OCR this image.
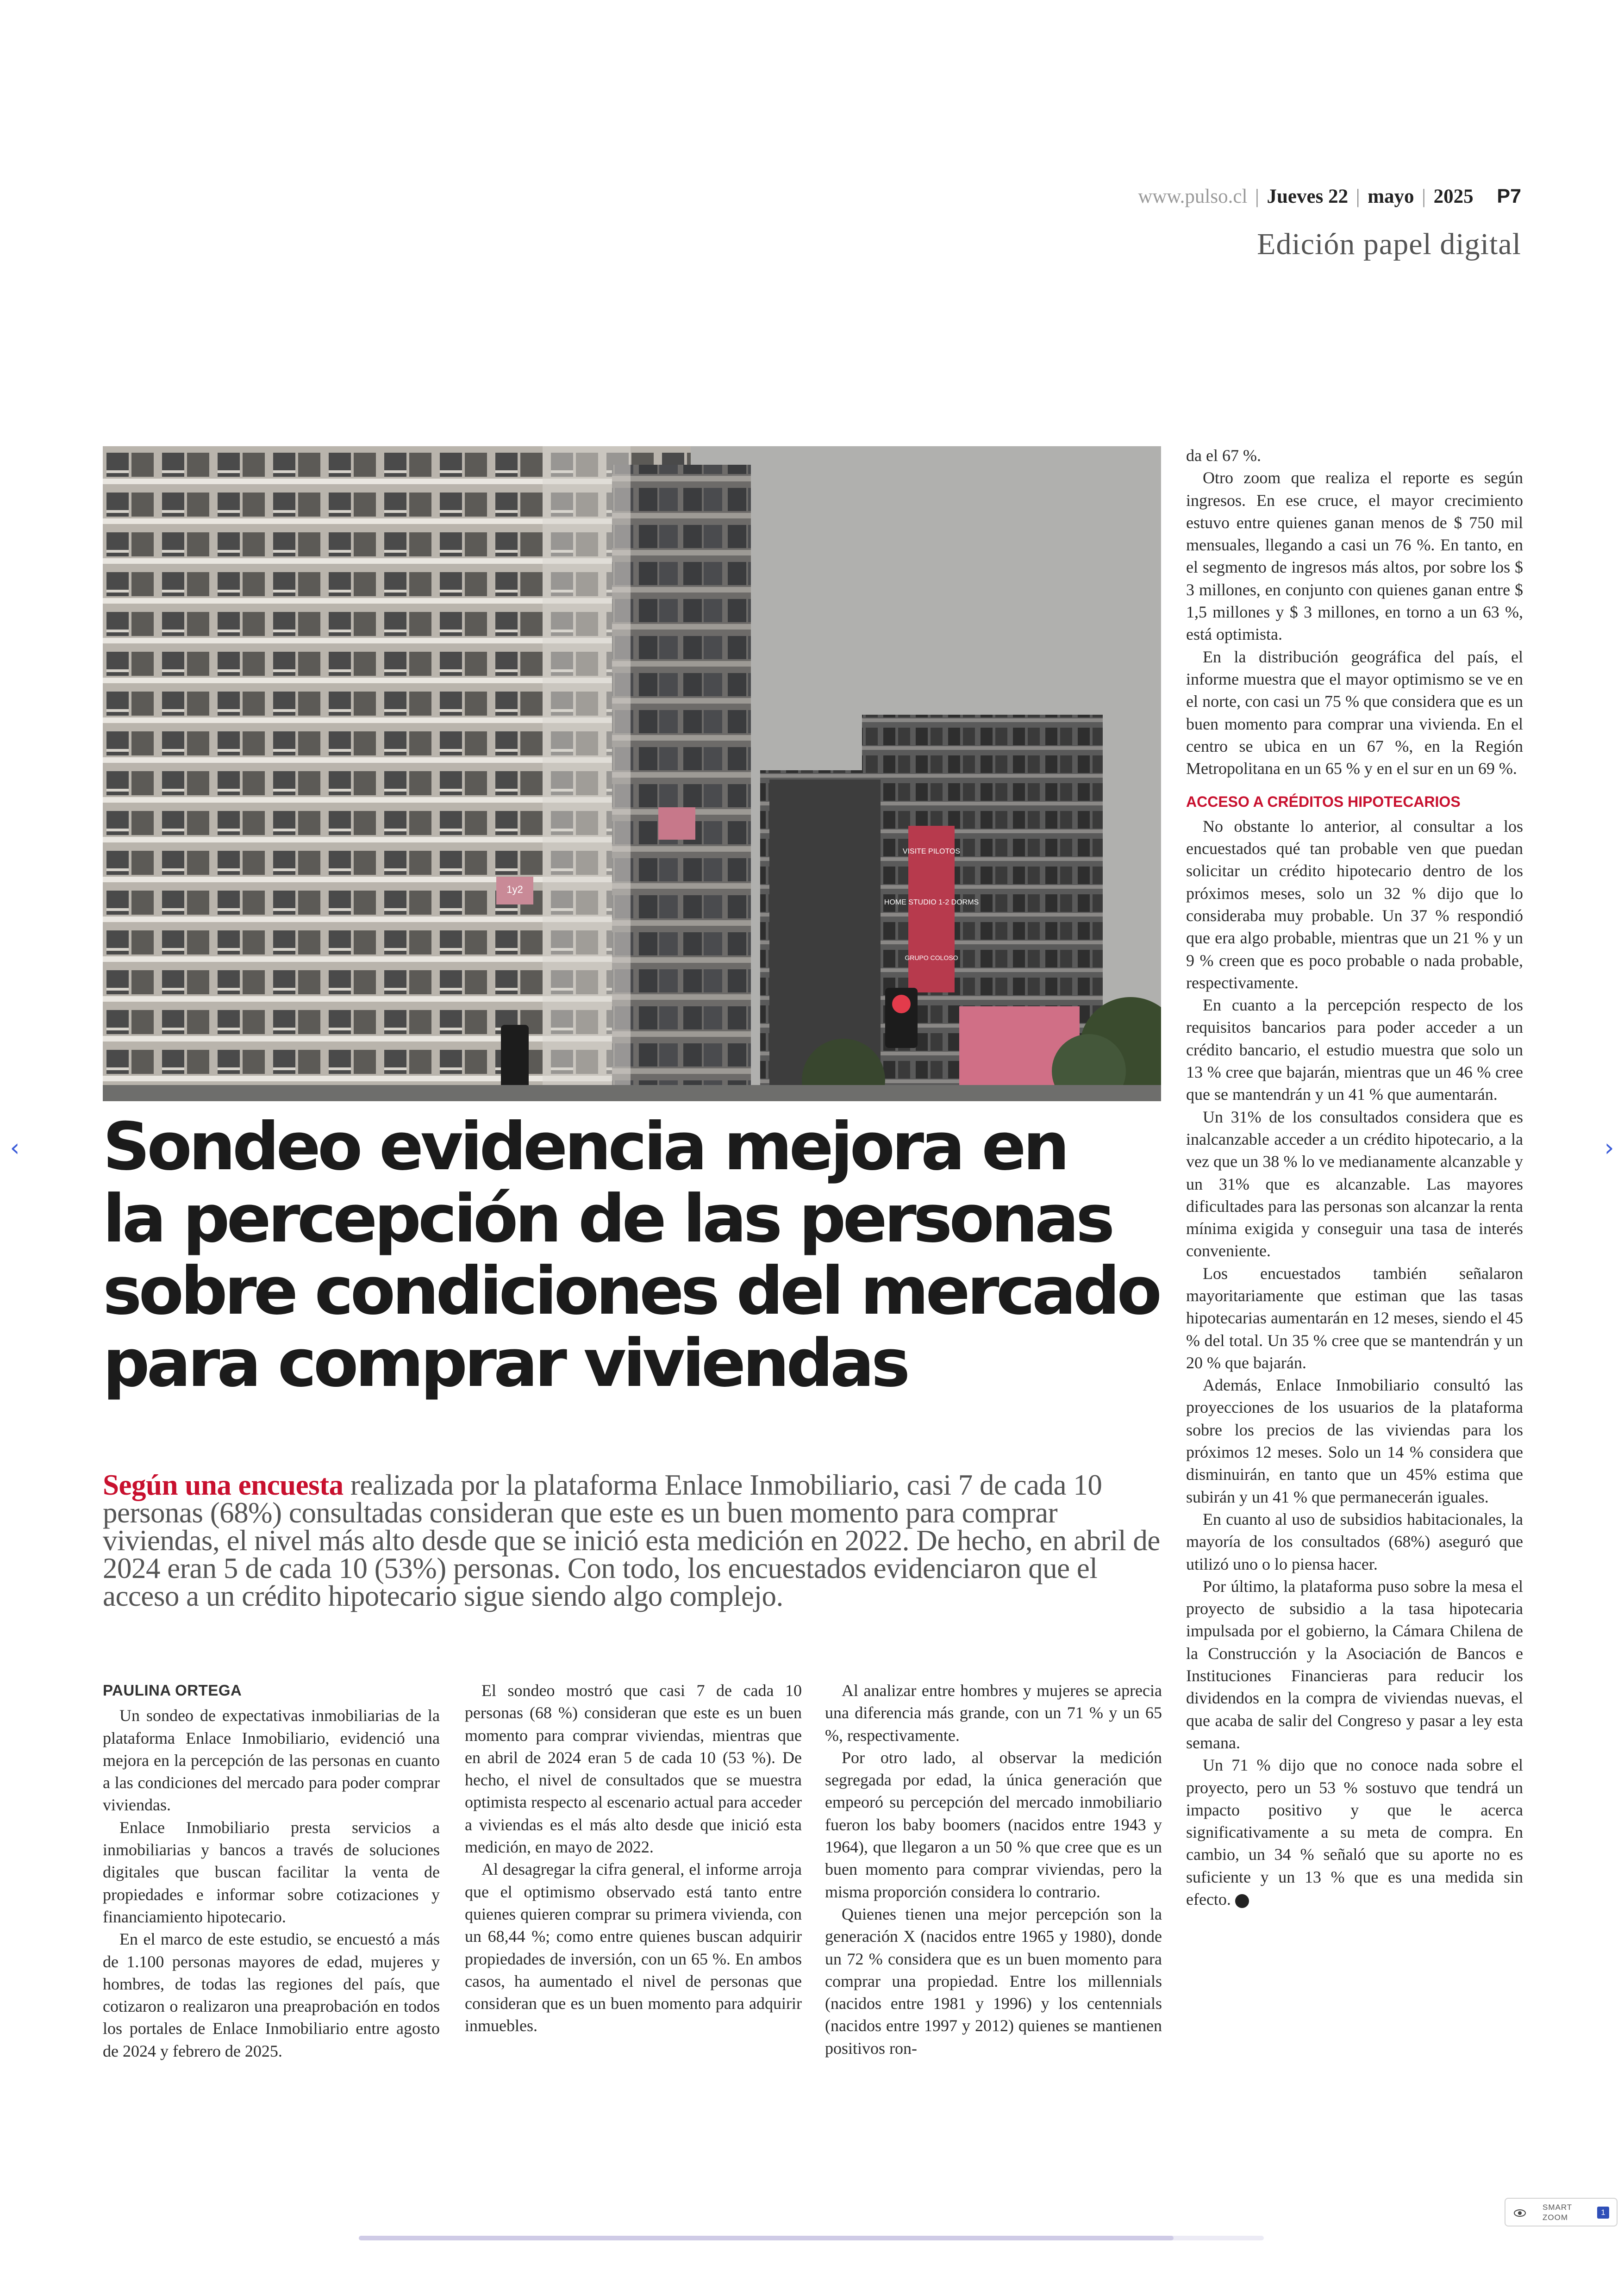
www.pulso.cl | Jueves 22 | mayo | 2025 P7
Edición papel digital
1y2
VISITE PILOTOS
HOME STUDIO 1-2 DORMS
GRUPO COLOSO
Sondeo evidencia mejora en
la percepción de las personas
sobre condiciones del mercado
para comprar viviendas
Según una encuesta realizada por la plataforma Enlace Inmobiliario, casi 7 de cada 10 personas (68%) consultadas consideran que este es un buen momento para comprar viviendas, el nivel más alto desde que se inició esta medición en 2022. De hecho, en abril de 2024 eran 5 de cada 10 (53%) personas. Con todo, los encuestados evidenciaron que el acceso a un crédito hipotecario sigue siendo algo complejo.
PAULINA ORTEGA

Un sondeo de expectativas inmobiliarias de la plataforma Enlace Inmobiliario, evidenció una mejora en la percepción de las personas en cuanto a las condiciones del mercado para poder comprar viviendas.

Enlace Inmobiliario presta servicios a inmobiliarias y bancos a través de soluciones digitales que buscan facilitar la venta de propiedades e informar sobre cotizaciones y financiamiento hipotecario.

En el marco de este estudio, se encuestó a más de 1.100 personas mayores de edad, mujeres y hombres, de todas las regiones del país, que cotizaron o realizaron una preaprobación en todos los portales de Enlace Inmobiliario entre agosto de 2024 y febrero de 2025.

El sondeo mostró que casi 7 de cada 10 personas (68 %) consideran que este es un buen momento para comprar viviendas, mientras que en abril de 2024 eran 5 de cada 10 (53 %). De hecho, el nivel de consultados que se muestra optimista respecto al escenario actual para acceder a viviendas es el más alto desde que inició esta medición, en mayo de 2022.

Al desagregar la cifra general, el informe arroja que el optimismo observado está tanto entre quienes quieren comprar su primera vivienda, con un 68,44 %; como entre quienes buscan adquirir propiedades de inversión, con un 65 %. En ambos casos, ha aumentado el nivel de personas que consideran que es un buen momento para adquirir inmuebles.

Al analizar entre hombres y mujeres se aprecia una diferencia más grande, con un 71 % y un 65 %, respectivamente.

Por otro lado, al observar la medición segregada por edad, la única generación que empeoró su percepción del mercado inmobiliario fueron los baby boomers (nacidos entre 1943 y 1964), que llegaron a un 50 % que cree que es un buen momento para comprar viviendas, pero la misma proporción considera lo contrario.

Quienes tienen una mejor percepción son la generación X (nacidos entre 1965 y 1980), donde un 72 % considera que es un buen momento para comprar una propiedad. Entre los millennials (nacidos entre 1981 y 1996) y los centennials (nacidos entre 1997 y 2012) quienes se mantienen positivos ron-

da el 67 %.

Otro zoom que realiza el reporte es según ingresos. En ese cruce, el mayor crecimiento estuvo entre quienes ganan menos de $ 750 mil mensuales, llegando a casi un 76 %. En tanto, en el segmento de ingresos más altos, por sobre los $ 3 millones, en conjunto con quienes ganan entre $ 1,5 millones y $ 3 millones, en torno a un 63 %, está optimista.

En la distribución geográfica del país, el informe muestra que el mayor optimismo se ve en el norte, con casi un 75 % que considera que es un buen momento para comprar una vivienda. En el centro se ubica en un 67 %, en la Región Metropolitana en un 65 % y en el sur en un 69 %.

ACCESO A CRÉDITOS HIPOTECARIOS

No obstante lo anterior, al consultar a los encuestados qué tan probable ven que puedan solicitar un crédito hipotecario dentro de los próximos meses, solo un 32 % dijo que lo consideraba muy probable. Un 37 % respondió que era algo probable, mientras que un 21 % y un 9 % creen que es poco probable o nada probable, respectivamente.

En cuanto a la percepción respecto de los requisitos bancarios para poder acceder a un crédito bancario, el estudio muestra que solo un 13 % cree que bajarán, mientras que un 46 % cree que se mantendrán y un 41 % que aumentarán.

Un 31% de los consultados considera que es inalcanzable acceder a un crédito hipotecario, a la vez que un 38 % lo ve medianamente alcanzable y un 31% que es alcanzable. Las mayores dificultades para las personas son alcanzar la renta mínima exigida y conseguir una tasa de interés conveniente.

Los encuestados también señalaron mayoritariamente que estiman que las tasas hipotecarias aumentarán en 12 meses, siendo el 45 % del total. Un 35 % cree que se mantendrán y un 20 % que bajarán.

Además, Enlace Inmobiliario consultó las proyecciones de los usuarios de la plataforma sobre los precios de las viviendas para los próximos 12 meses. Solo un 14 % considera que disminuirán, en tanto que un 45% estima que subirán y un 41 % que permanecerán iguales.

En cuanto al uso de subsidios habitacionales, la mayoría de los consultados (68%) aseguró que utilizó uno o lo piensa hacer.

Por último, la plataforma puso sobre la mesa el proyecto de subsidio a la tasa hipotecaria impulsada por el gobierno, la Cámara Chilena de la Construcción y la Asociación de Bancos e Instituciones Financieras para reducir los dividendos en la compra de viviendas nuevas, el que acaba de salir del Congreso y pasar a ley esta semana.

Un 71 % dijo que no conoce nada sobre el proyecto, pero un 53 % sostuvo que tendrá un impacto positivo y que le acerca significativamente a su meta de compra. En cambio, un 34 % señaló que su aporte no es suficiente y un 13 % que es una medida sin efecto. P

‹	›
SMART
ZOOM
1
